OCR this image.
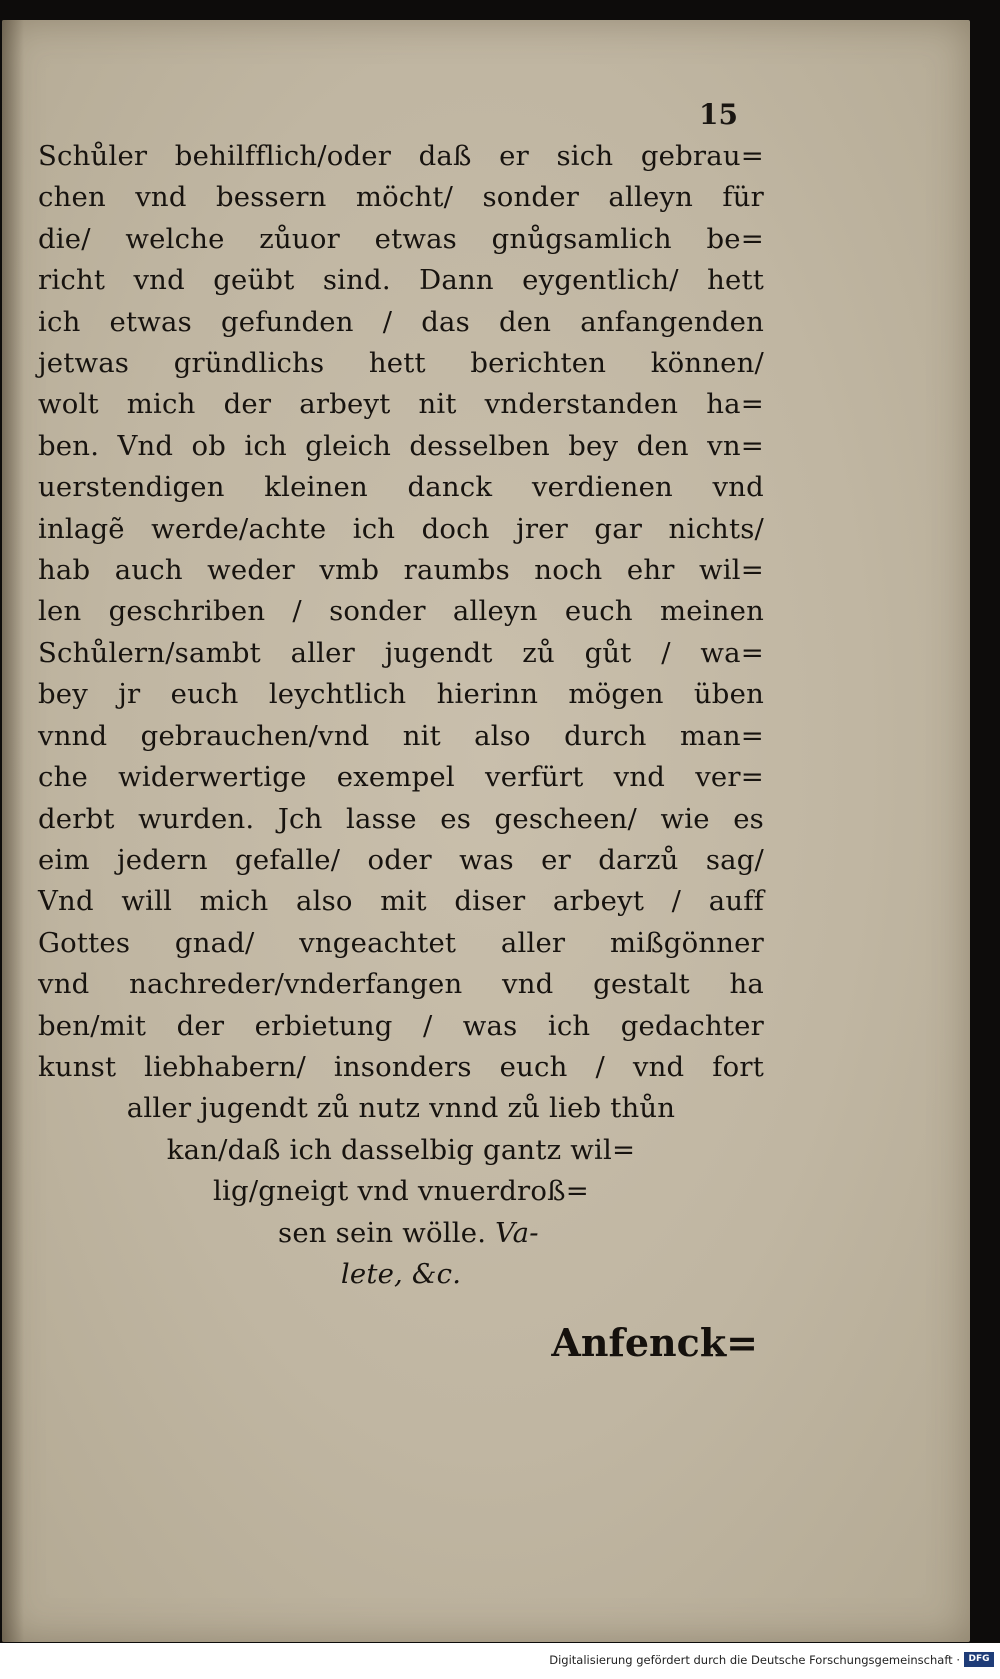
15
Schůler behilfflich/oder daß er sich gebrau=
chen vnd bessern möcht/ sonder alleyn für
die/ welche zůuor etwas gnůgsamlich be=
richt vnd geübt sind. Dann eygentlich/ hett
ich etwas gefunden / das den anfangenden
jetwas gründlichs hett berichten können/
wolt mich der arbeyt nit vnderstanden ha=
ben. Vnd ob ich gleich desselben bey den vn=
uerstendigen kleinen danck verdienen vnd
inlagẽ werde/achte ich doch jrer gar nichts/
hab auch weder vmb raumbs noch ehr wil=
len geschriben / sonder alleyn euch meinen
Schůlern/sambt aller jugendt zů gůt / wa=
bey jr euch leychtlich hierinn mögen üben
vnnd gebrauchen/vnd nit also durch man=
che widerwertige exempel verfürt vnd ver=
derbt wurden. Jch lasse es gescheen/ wie es
eim jedern gefalle/ oder was er darzů sag/
Vnd will mich also mit diser arbeyt / auff
Gottes gnad/ vngeachtet aller mißgönner
vnd nachreder/vnderfangen vnd gestalt ha
ben/mit der erbietung / was ich gedachter
kunst liebhabern/ insonders euch / vnd fort
aller jugendt zů nutz vnnd zů lieb thůn
kan/daß ich dasselbig gantz wil=
lig/gneigt vnd vnuerdroß=
sen sein wölle. Va-
lete, &c.
Anfenck=
Digitalisierung gefördert durch die Deutsche Forschungsgemeinschaft · DFG
